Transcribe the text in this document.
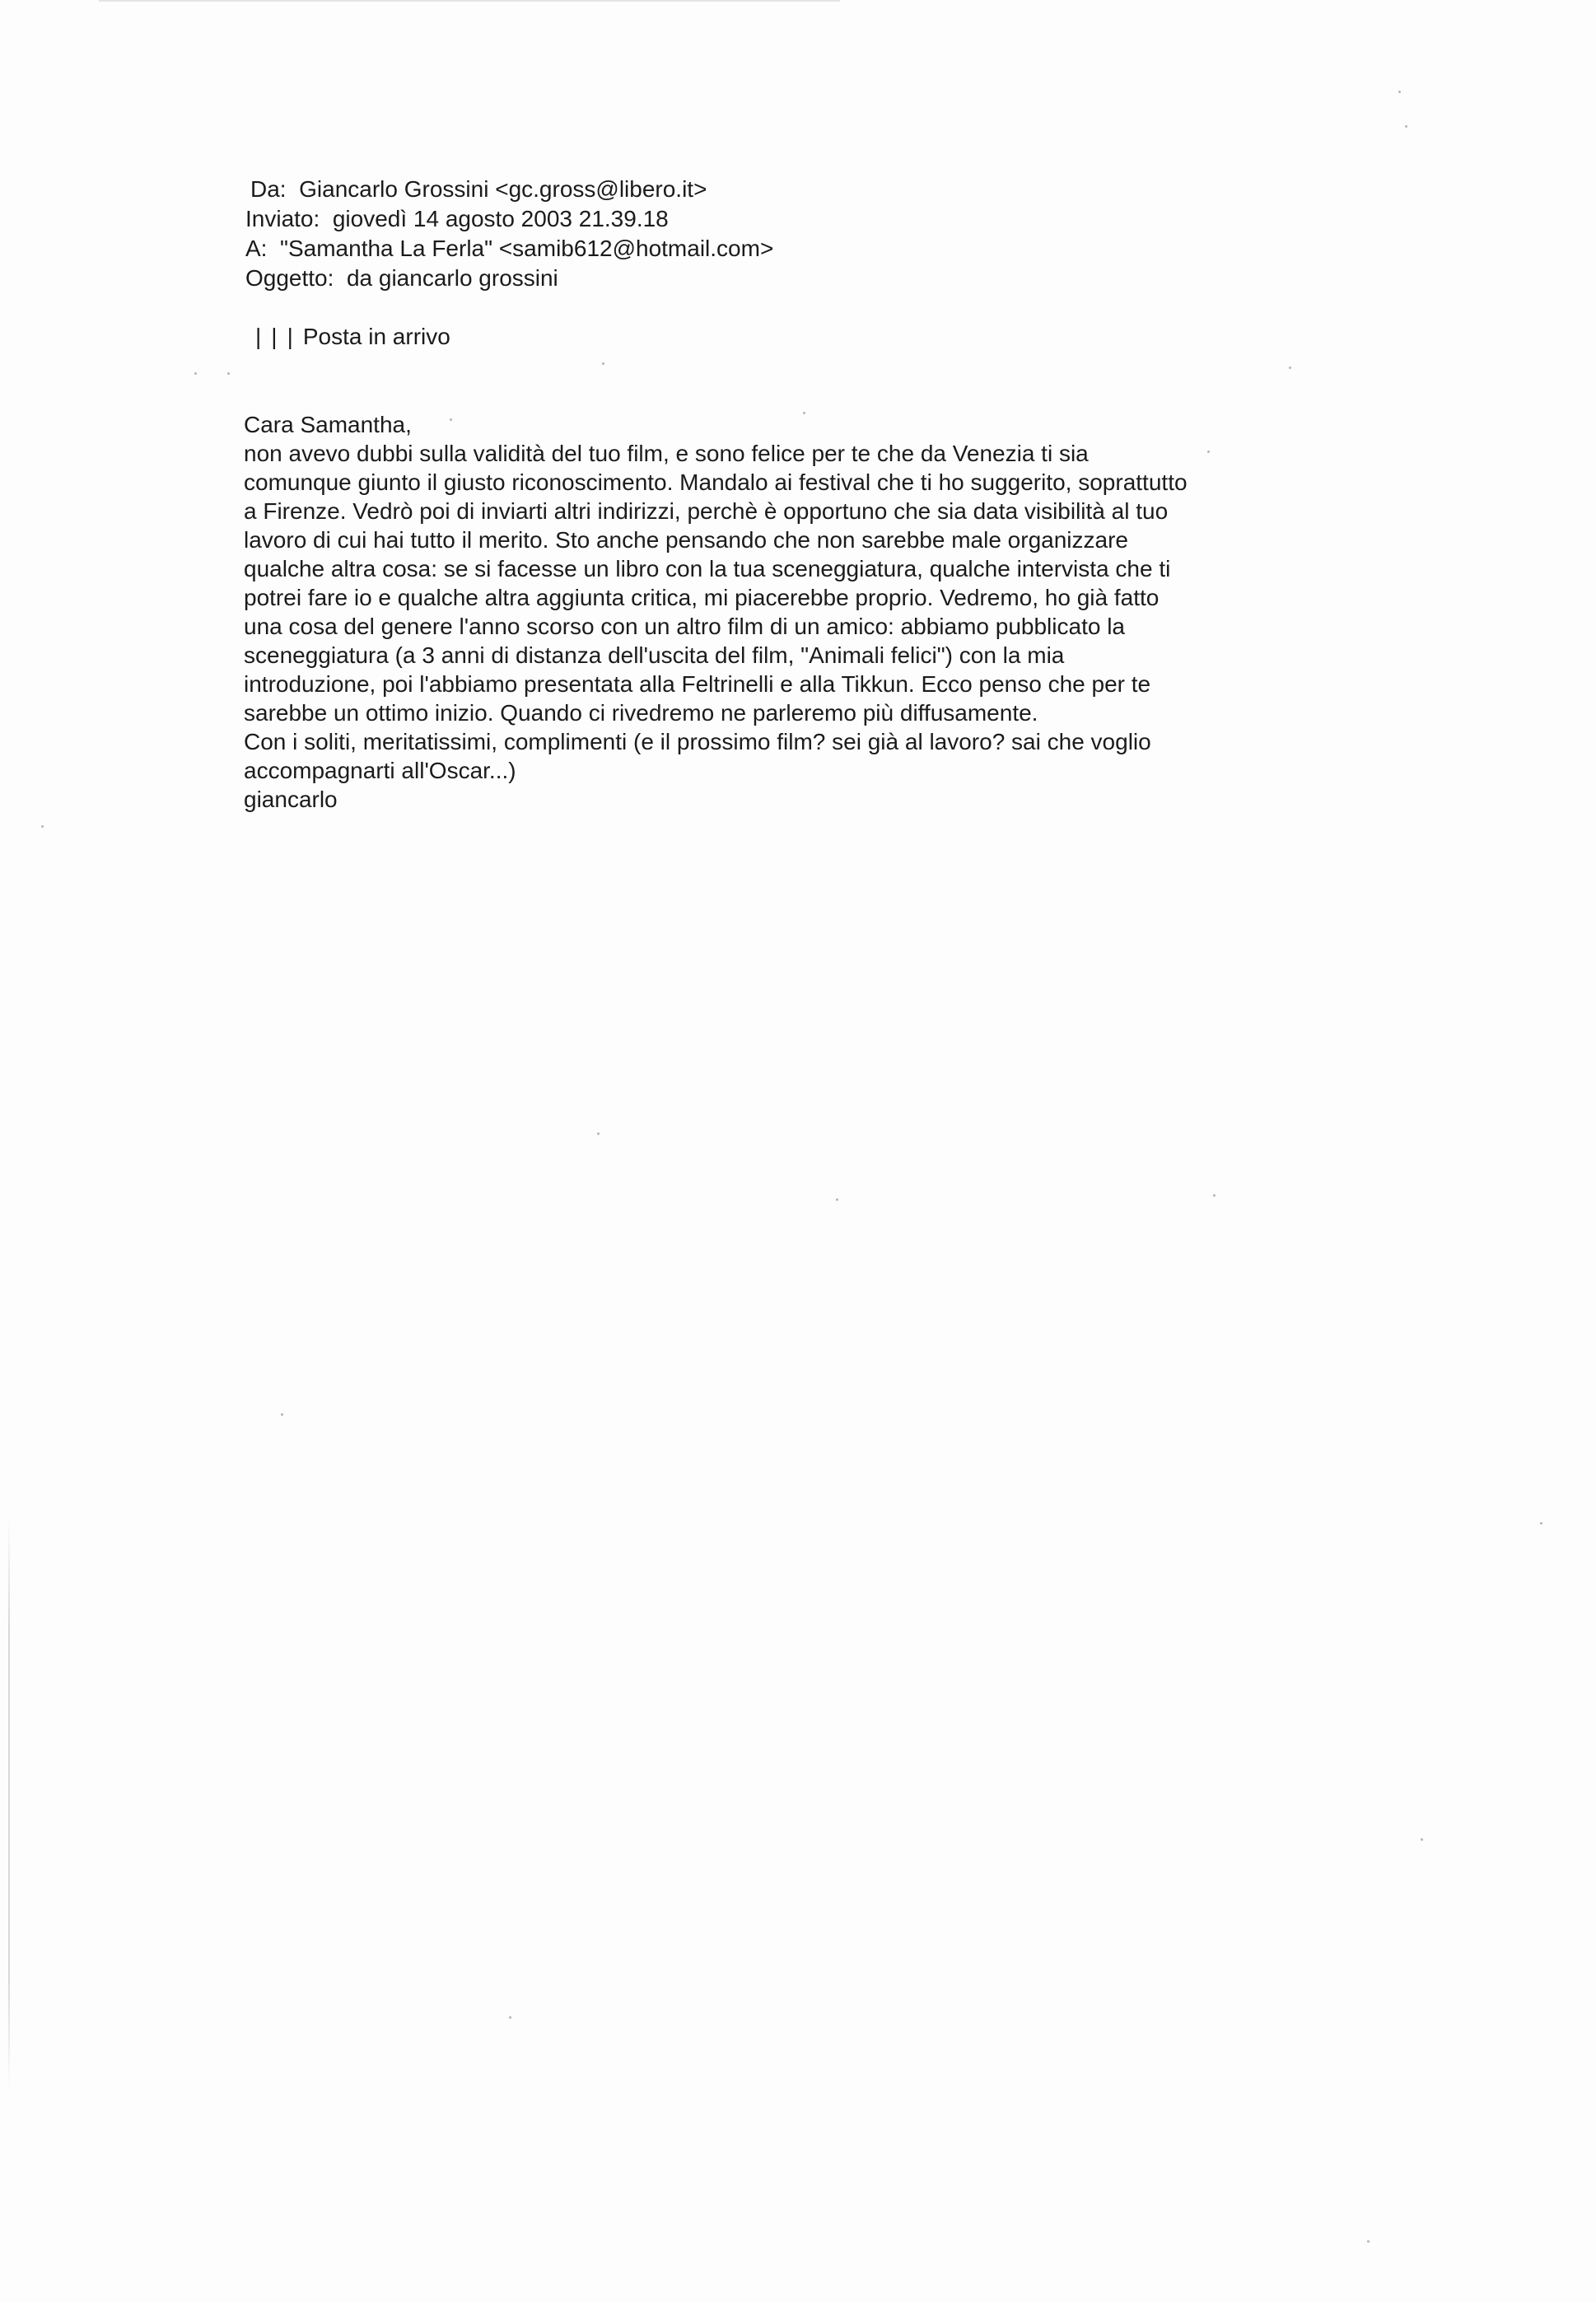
Da: Giancarlo Grossini <gc.gross@libero.it>
Inviato: giovedì 14 agosto 2003 21.39.18
A: "Samantha La Ferla" <samib612@hotmail.com>
Oggetto: da giancarlo grossini
| | | Posta in arrivo
Cara Samantha,
non avevo dubbi sulla validità del tuo film, e sono felice per te che da Venezia ti sia
comunque giunto il giusto riconoscimento. Mandalo ai festival che ti ho suggerito, soprattutto
a Firenze. Vedrò poi di inviarti altri indirizzi, perchè è opportuno che sia data visibilità al tuo
lavoro di cui hai tutto il merito. Sto anche pensando che non sarebbe male organizzare
qualche altra cosa: se si facesse un libro con la tua sceneggiatura, qualche intervista che ti
potrei fare io e qualche altra aggiunta critica, mi piacerebbe proprio. Vedremo, ho già fatto
una cosa del genere l'anno scorso con un altro film di un amico: abbiamo pubblicato la
sceneggiatura (a 3 anni di distanza dell'uscita del film, "Animali felici") con la mia
introduzione, poi l'abbiamo presentata alla Feltrinelli e alla Tikkun. Ecco penso che per te
sarebbe un ottimo inizio. Quando ci rivedremo ne parleremo più diffusamente.
Con i soliti, meritatissimi, complimenti (e il prossimo film? sei già al lavoro? sai che voglio
accompagnarti all'Oscar...)
giancarlo
